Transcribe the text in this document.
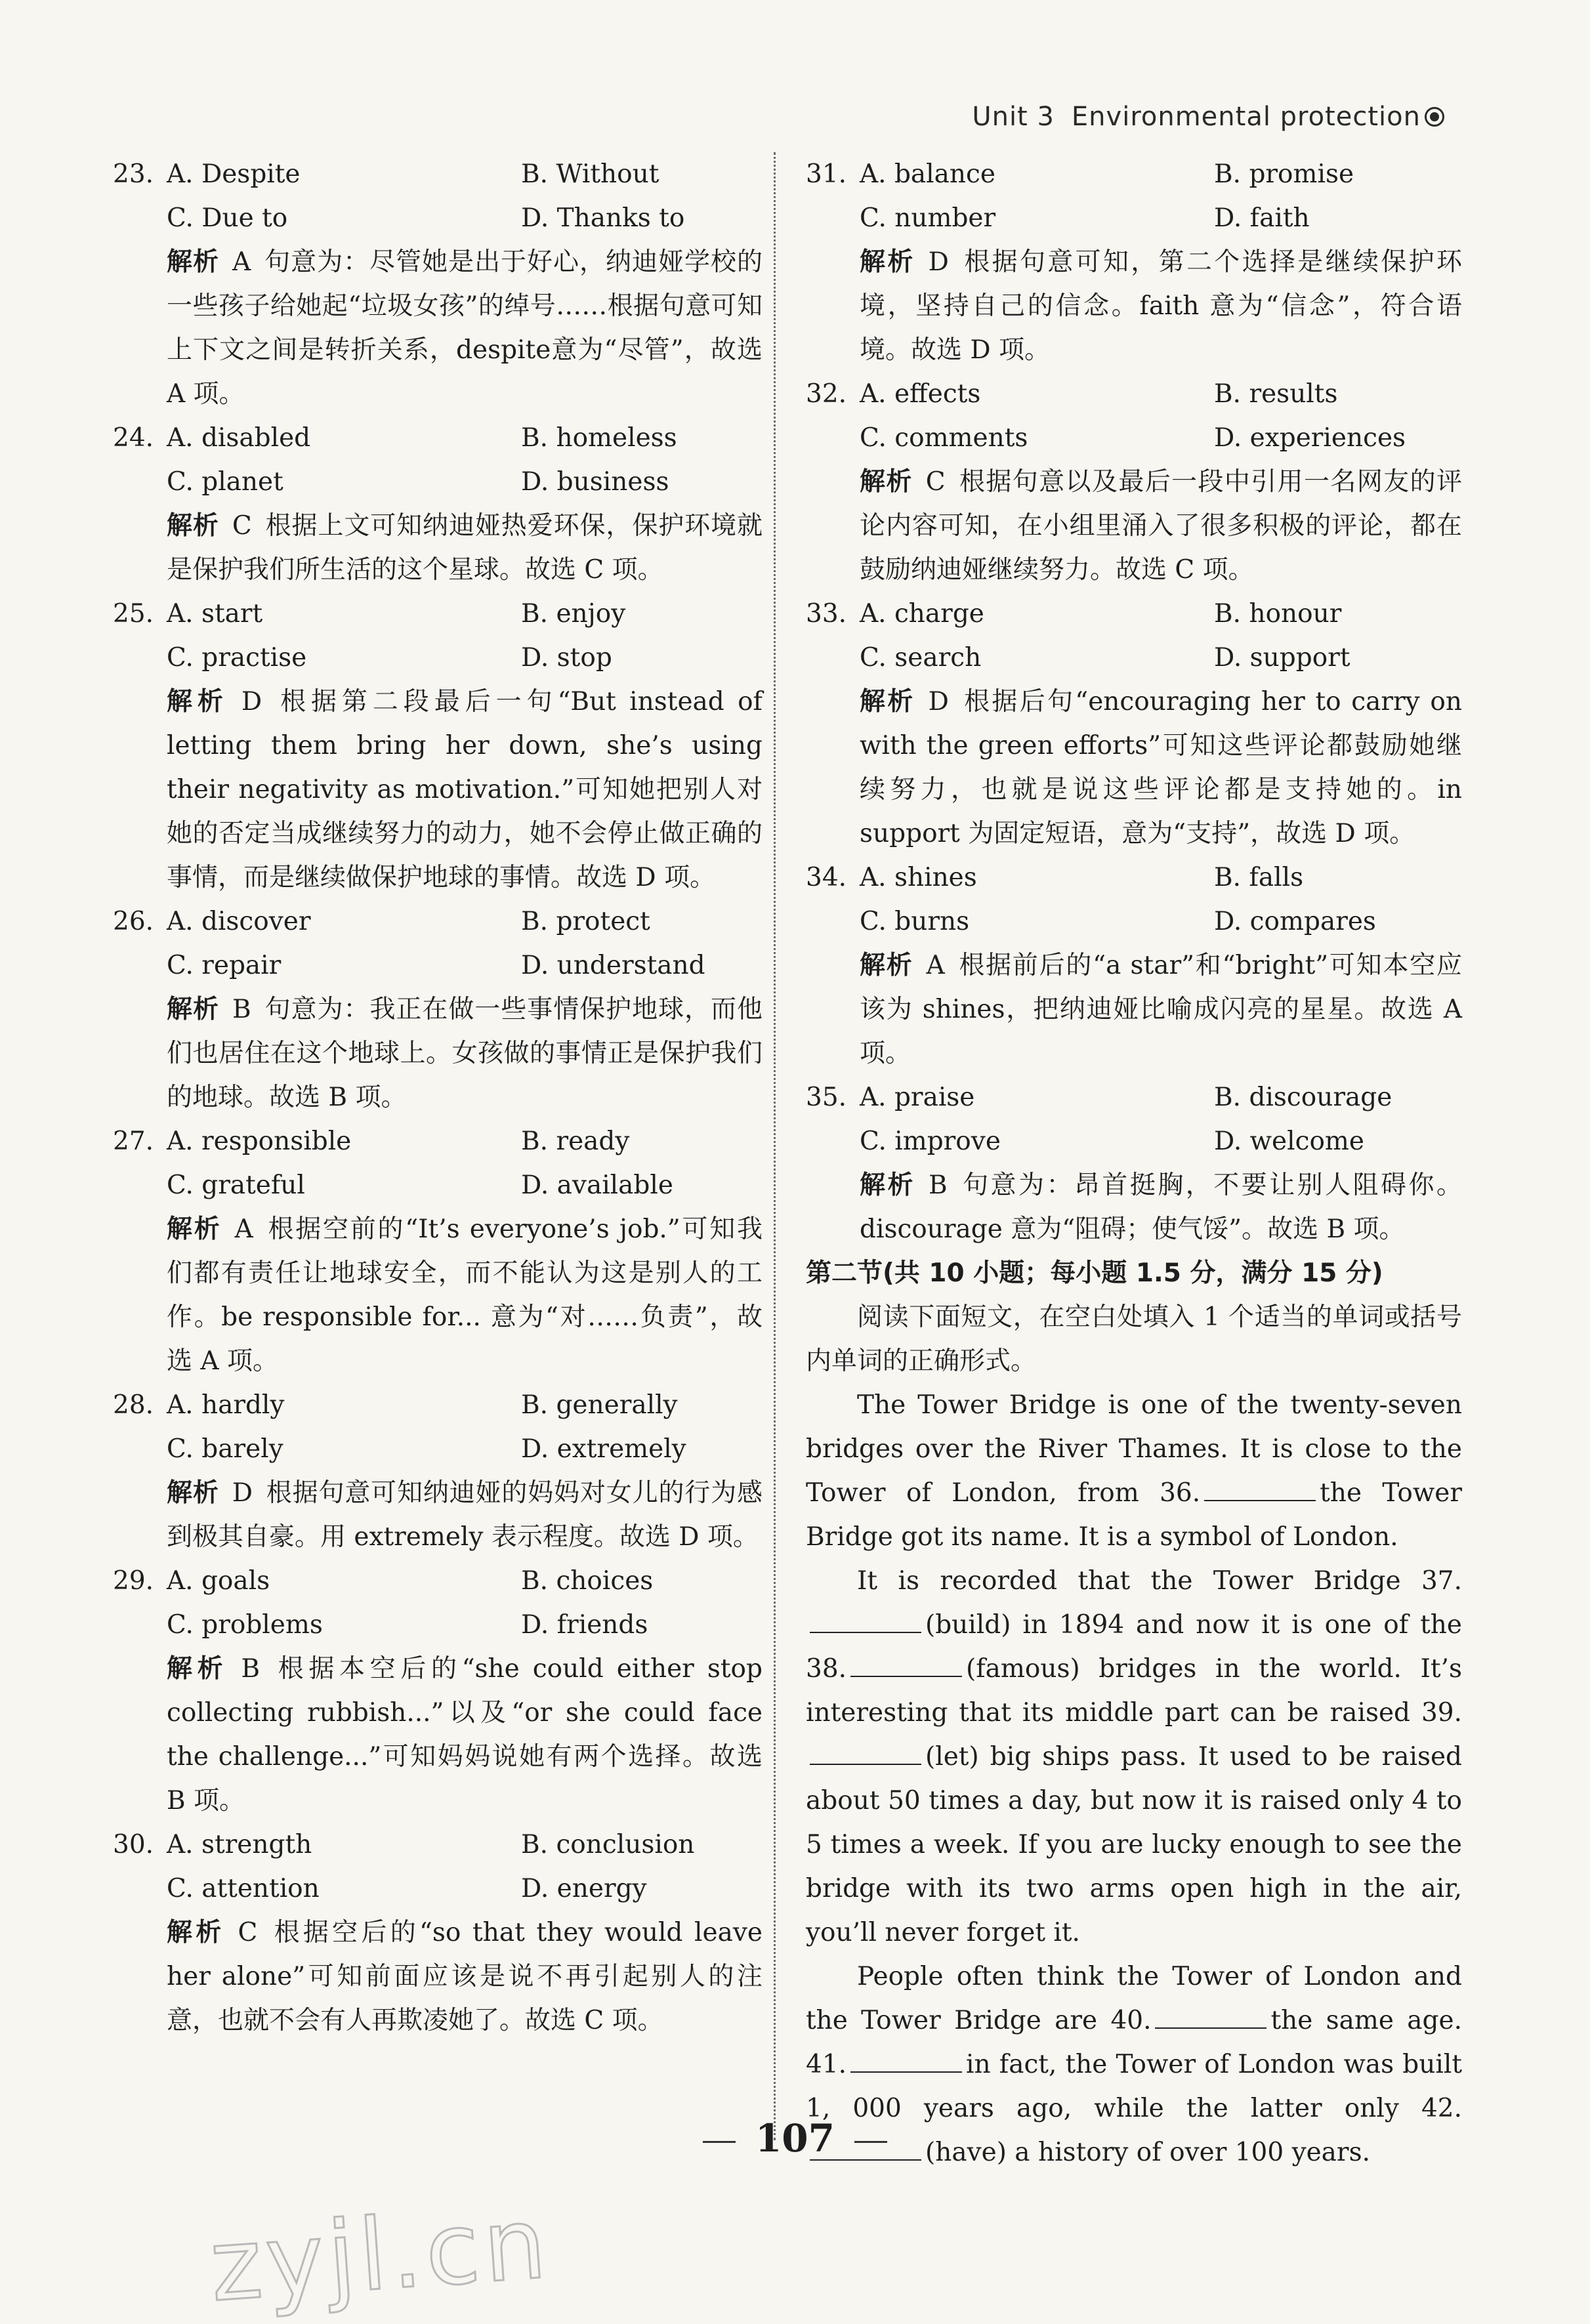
Unit 3 Environmental protection
23. A. Despite	B. Without
C. Due to	D. Thanks to
解析 A 句意为：尽管她是出于好心，纳迪娅学校的一些孩子给她起“垃圾女孩”的绰号……根据句意可知上下文之间是转折关系，despite意为“尽管”，故选 A 项。
24. A. disabled	B. homeless
C. planet	D. business
解析 C 根据上文可知纳迪娅热爱环保，保护环境就是保护我们所生活的这个星球。故选 C 项。
25. A. start	B. enjoy
C. practise	D. stop
解析 D 根据第二段最后一句“But instead of letting them bring her down, she’s using their negativity as motivation.”可知她把别人对她的否定当成继续努力的动力，她不会停止做正确的事情，而是继续做保护地球的事情。故选 D 项。
26. A. discover	B. protect
C. repair	D. understand
解析 B 句意为：我正在做一些事情保护地球，而他们也居住在这个地球上。女孩做的事情正是保护我们的地球。故选 B 项。
27. A. responsible	B. ready
C. grateful	D. available
解析 A 根据空前的“It’s everyone’s job.”可知我们都有责任让地球安全，而不能认为这是别人的工作。be responsible for... 意为“对……负责”，故选 A 项。
28. A. hardly	B. generally
C. barely	D. extremely
解析 D 根据句意可知纳迪娅的妈妈对女儿的行为感到极其自豪。用 extremely 表示程度。故选 D 项。
29. A. goals	B. choices
C. problems	D. friends
解析 B 根据本空后的“she could either stop collecting rubbish...”以及“or she could face the challenge...”可知妈妈说她有两个选择。故选 B 项。
30. A. strength	B. conclusion
C. attention	D. energy
解析 C 根据空后的“so that they would leave her alone”可知前面应该是说不再引起别人的注意，也就不会有人再欺凌她了。故选 C 项。
31. A. balance	B. promise
C. number	D. faith
解析 D 根据句意可知，第二个选择是继续保护环境，坚持自己的信念。faith 意为“信念”，符合语境。故选 D 项。
32. A. effects	B. results
C. comments	D. experiences
解析 C 根据句意以及最后一段中引用一名网友的评论内容可知，在小组里涌入了很多积极的评论，都在鼓励纳迪娅继续努力。故选 C 项。
33. A. charge	B. honour
C. search	D. support
解析 D 根据后句“encouraging her to carry on with the green efforts”可知这些评论都鼓励她继续努力，也就是说这些评论都是支持她的。in support 为固定短语，意为“支持”，故选 D 项。
34. A. shines	B. falls
C. burns	D. compares
解析 A 根据前后的“a star”和“bright”可知本空应该为 shines，把纳迪娅比喻成闪亮的星星。故选 A 项。
35. A. praise	B. discourage
C. improve	D. welcome
解析 B 句意为：昂首挺胸，不要让别人阻碍你。discourage 意为“阻碍；使气馁”。故选 B 项。
第二节(共 10 小题；每小题 1.5 分，满分 15 分)
阅读下面短文，在空白处填入 1 个适当的单词或括号内单词的正确形式。
The Tower Bridge is one of the twenty-seven bridges over the River Thames. It is close to the Tower of London, from 36.	the Tower Bridge got its name. It is a symbol of London.
It is recorded that the Tower Bridge 37.(build) in 1894 and now it is one of the 38.	(famous) bridges in the world. It’s interesting that its middle part can be raised 39.(let) big ships pass. It used to be raised about 50 times a day, but now it is raised only 4 to 5 times a week. If you are lucky enough to see the bridge with its two arms open high in the air, you’ll never forget it.
People often think the Tower of London and the Tower Bridge are 40.	the same age. 41.	in fact, the Tower of London was built 1, 000 years ago, while the latter only 42.(have) a history of over 100 years.
107
zyjl.cn
